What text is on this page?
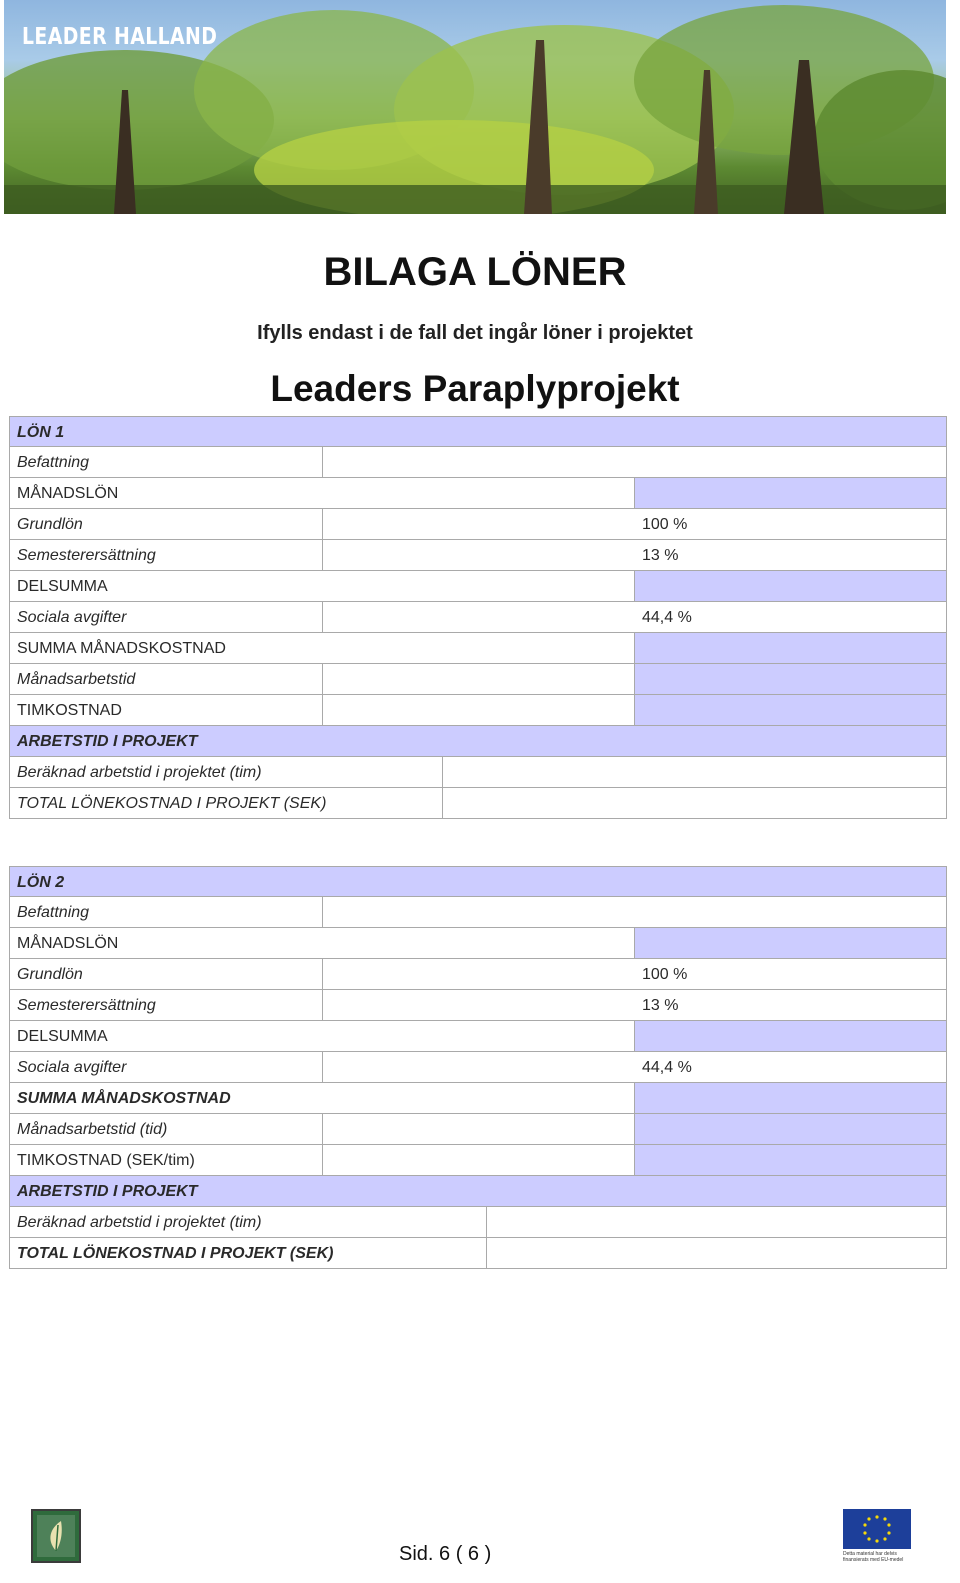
LEADER HALLAND
BILAGA LÖNER
Ifylls endast i de fall det ingår löner i projektet
Leaders Paraplyprojekt
LÖN 1
Befattning
MÅNADSLÖN
Grundlön	100 %
Semesterersättning	13 %
DELSUMMA
Sociala avgifter	44,4 %
SUMMA MÅNADSKOSTNAD
Månadsarbetstid
TIMKOSTNAD
ARBETSTID I PROJEKT
Beräknad arbetstid i projektet (tim)
TOTAL LÖNEKOSTNAD I PROJEKT (SEK)
LÖN 2
Befattning
MÅNADSLÖN
Grundlön	100 %
Semesterersättning	13 %
DELSUMMA
Sociala avgifter	44,4 %
SUMMA MÅNADSKOSTNAD
Månadsarbetstid (tid)
TIMKOSTNAD (SEK/tim)
ARBETSTID I PROJEKT
Beräknad arbetstid i projektet (tim)
TOTAL LÖNEKOSTNAD I PROJEKT (SEK)
Sid. 6 ( 6 )	Detta material har delvis finansierats med EU-medel
